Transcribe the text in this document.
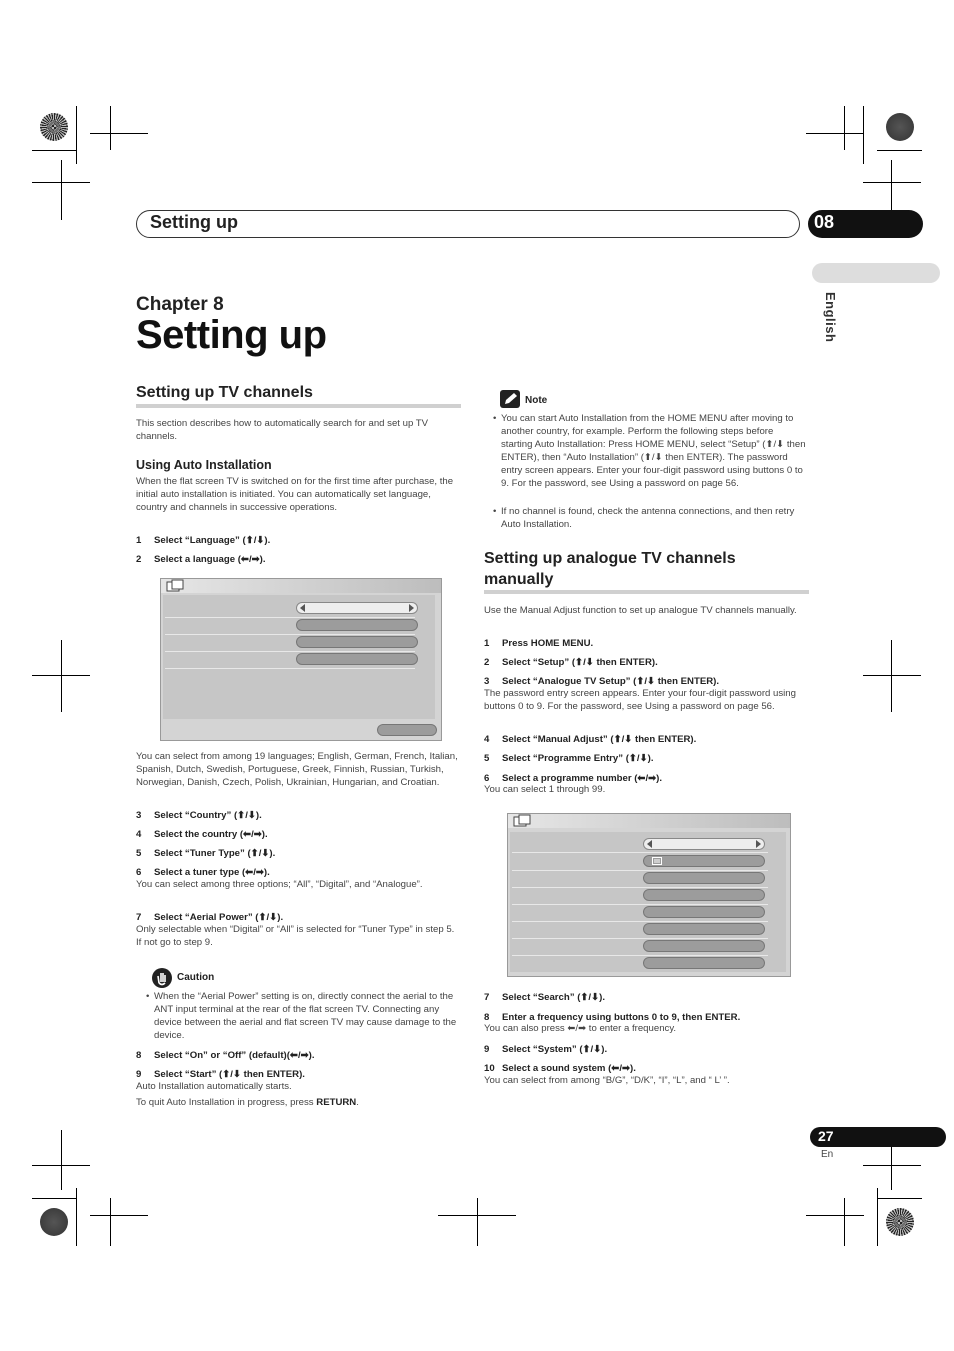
Setting up	08
English
Chapter 8
Setting up
Setting up TV channels

This section describes how to automatically search for and set up TV channels.

Using Auto Installation

When the flat screen TV is switched on for the first time after purchase, the initial auto installation is initiated. You can automatically set language, country and channels in successive operations.

1 Select “Language” (⬆/⬇).
2 Select a language (⬅/➡).

You can select from among 19 languages; English, German, French, Italian, Spanish, Dutch, Swedish, Portuguese, Greek, Finnish, Russian, Turkish, Norwegian, Danish, Czech, Polish, Ukrainian, Hungarian, and Croatian.

3 Select “Country” (⬆/⬇).
4 Select the country (⬅/➡).
5 Select “Tuner Type” (⬆/⬇).
6 Select a tuner type (⬅/➡).

You can select among three options; “All”, “Digital”, and “Analogue”.

7 Select “Aerial Power” (⬆/⬇).

Only selectable when “Digital” or “All” is selected for “Tuner Type” in step 5. If not go to step 9.

Caution
• When the “Aerial Power” setting is on, directly connect the aerial to the ANT input terminal at the rear of the flat screen TV. Connecting any device between the aerial and flat screen TV may cause damage to the device.
8 Select “On” or “Off” (default)(⬅/➡).
9 Select “Start” (⬆/⬇ then ENTER).

Auto Installation automatically starts.

To quit Auto Installation in progress, press RETURN.

Note
• You can start Auto Installation from the HOME MENU after moving to another country, for example. Perform the following steps before starting Auto Installation: Press HOME MENU, select “Setup” (⬆/⬇ then ENTER), then “Auto Installation” (⬆/⬇ then ENTER). The password entry screen appears. Enter your four-digit password using buttons 0 to 9. For the password, see Using a password on page 56.
• If no channel is found, check the antenna connections, and then retry Auto Installation.
Setting up analogue TV channels manually

Use the Manual Adjust function to set up analogue TV channels manually.

1 Press HOME MENU.
2 Select “Setup” (⬆/⬇ then ENTER).
3 Select “Analogue TV Setup” (⬆/⬇ then ENTER).

The password entry screen appears. Enter your four-digit password using buttons 0 to 9. For the password, see Using a password on page 56.

4 Select “Manual Adjust” (⬆/⬇ then ENTER).
5 Select “Programme Entry” (⬆/⬇).
6 Select a programme number (⬅/➡).

You can select 1 through 99.

7 Select “Search” (⬆/⬇).
8 Enter a frequency using buttons 0 to 9, then ENTER.

You can also press ⬅/➡ to enter a frequency.

9 Select “System” (⬆/⬇).
10 Select a sound system (⬅/➡).

You can select from among “B/G”, “D/K”, “I”, “L”, and “ L’ ”.

27
En
